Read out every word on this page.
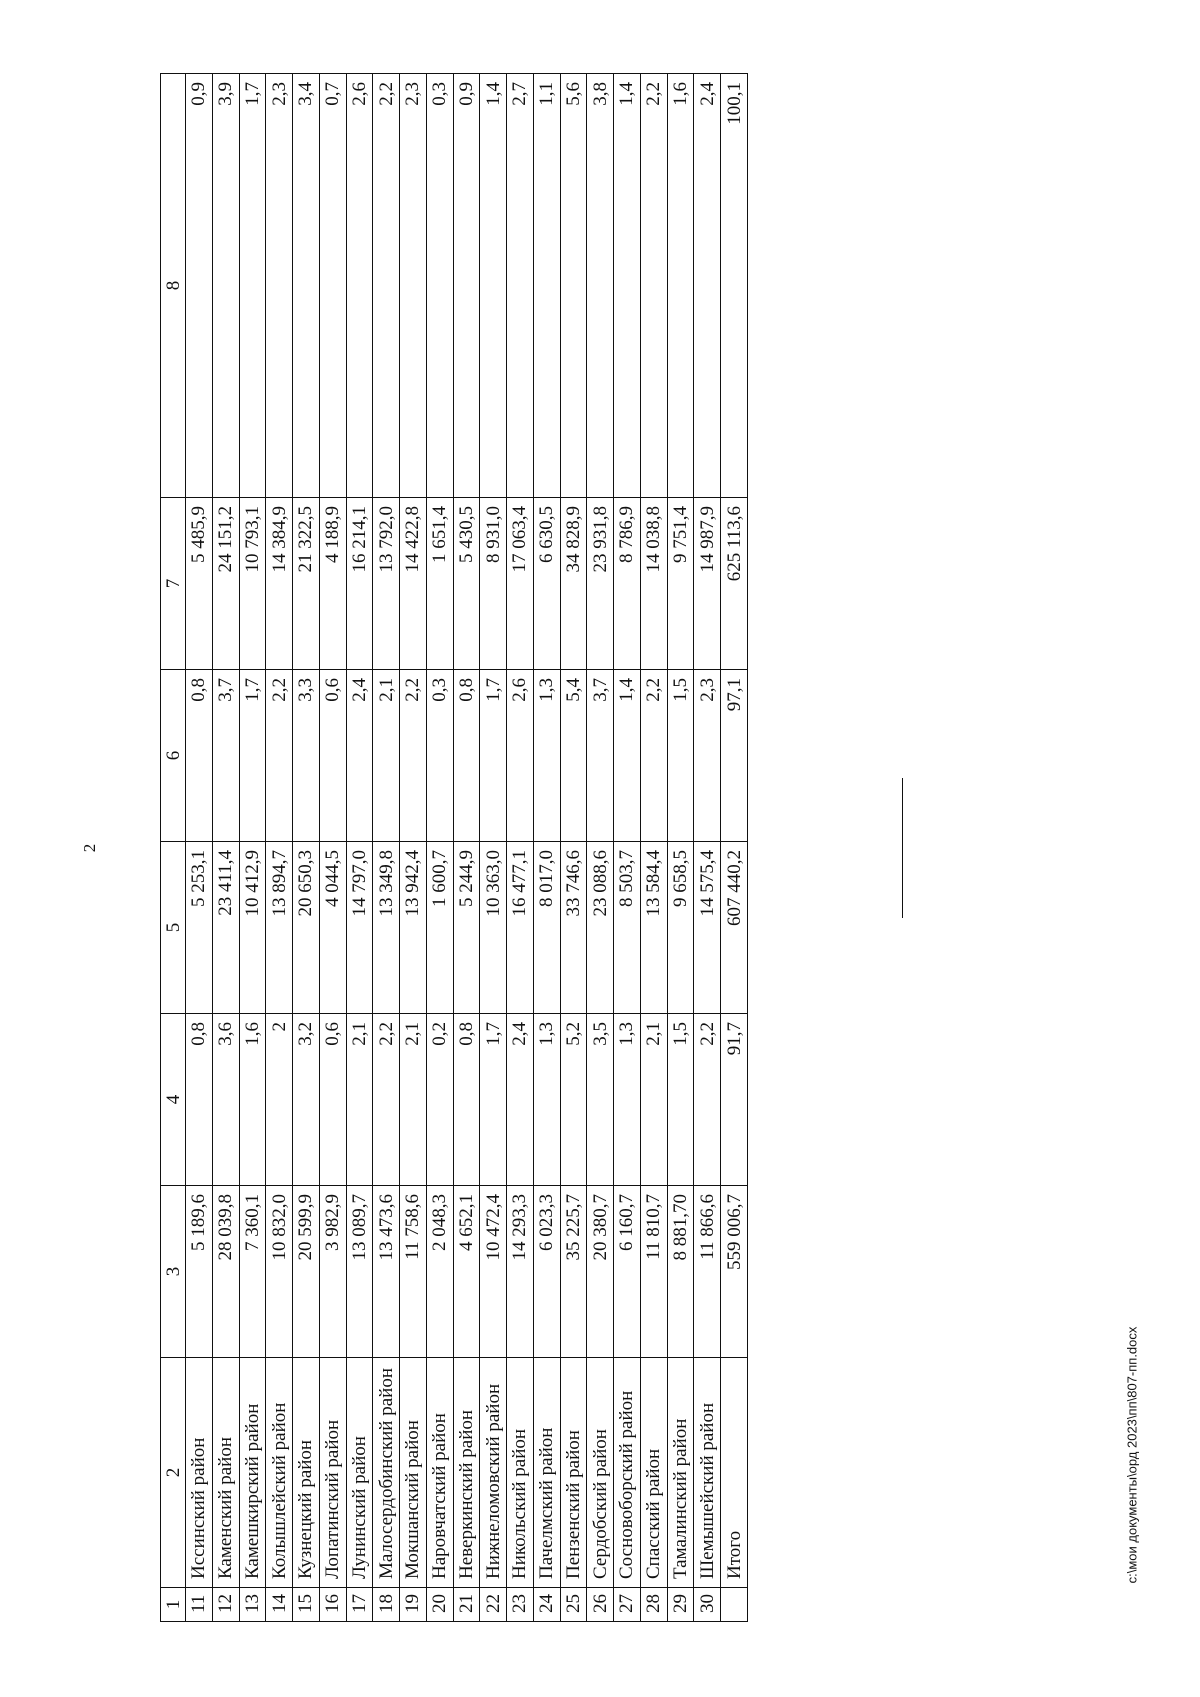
2
1	2	3	4	5	6	7	8
11	Иссинский район	5 189,6	0,8	5 253,1	0,8	5 485,9	0,9
12	Каменский район	28 039,8	3,6	23 411,4	3,7	24 151,2	3,9
13	Камешкирский район	7 360,1	1,6	10 412,9	1,7	10 793,1	1,7
14	Колышлейский район	10 832,0	2	13 894,7	2,2	14 384,9	2,3
15	Кузнецкий район	20 599,9	3,2	20 650,3	3,3	21 322,5	3,4
16	Лопатинский район	3 982,9	0,6	4 044,5	0,6	4 188,9	0,7
17	Лунинский район	13 089,7	2,1	14 797,0	2,4	16 214,1	2,6
18	Малосердобинский район	13 473,6	2,2	13 349,8	2,1	13 792,0	2,2
19	Мокшанский район	11 758,6	2,1	13 942,4	2,2	14 422,8	2,3
20	Наровчатский район	2 048,3	0,2	1 600,7	0,3	1 651,4	0,3
21	Неверкинский район	4 652,1	0,8	5 244,9	0,8	5 430,5	0,9
22	Нижнеломовский район	10 472,4	1,7	10 363,0	1,7	8 931,0	1,4
23	Никольский район	14 293,3	2,4	16 477,1	2,6	17 063,4	2,7
24	Пачелмский район	6 023,3	1,3	8 017,0	1,3	6 630,5	1,1
25	Пензенский район	35 225,7	5,2	33 746,6	5,4	34 828,9	5,6
26	Сердобский район	20 380,7	3,5	23 088,6	3,7	23 931,8	3,8
27	Сосновоборский район	6 160,7	1,3	8 503,7	1,4	8 786,9	1,4
28	Спасский район	11 810,7	2,1	13 584,4	2,2	14 038,8	2,2
29	Тамалинский район	8 881,70	1,5	9 658,5	1,5	9 751,4	1,6
30	Шемышейский район	11 866,6	2,2	14 575,4	2,3	14 987,9	2,4
	Итого	559 006,7	91,7	607 440,2	97,1	625 113,6	100,1
c:\мои документы\орд 2023\пп\807-пп.docx
